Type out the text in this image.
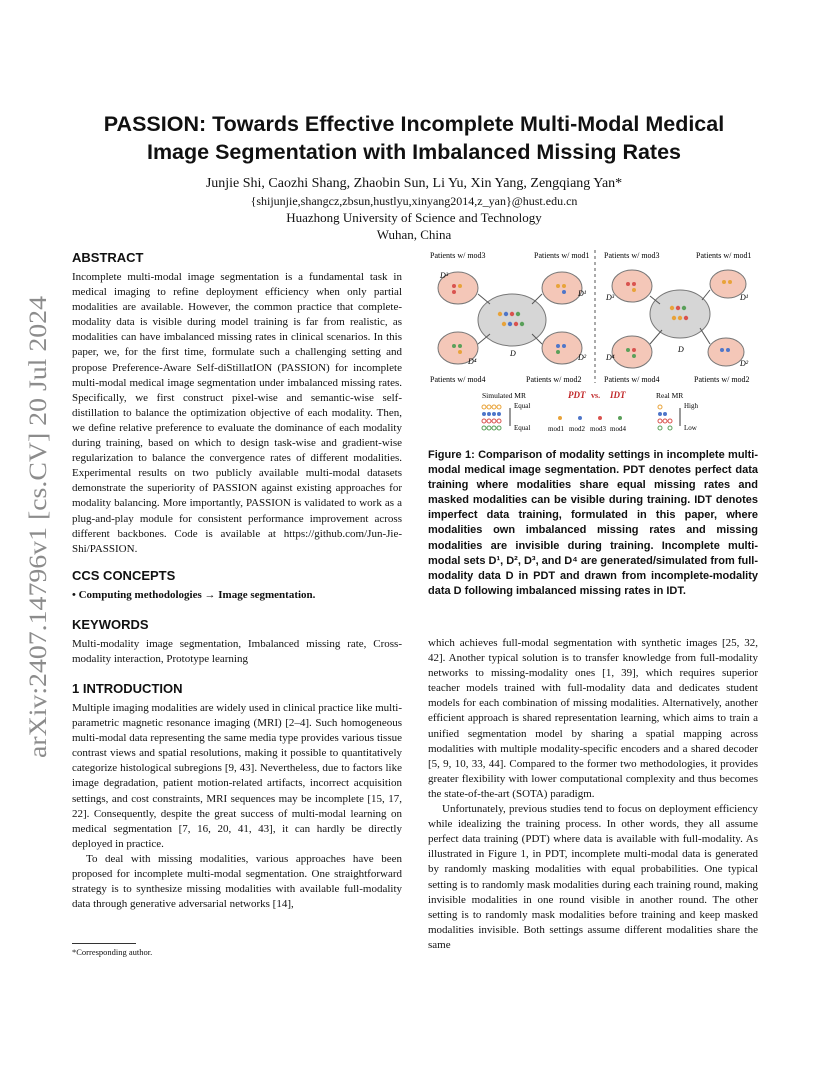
arXiv:2407.14796v1 [cs.CV] 20 Jul 2024
PASSION: Towards Effective Incomplete Multi-Modal Medical Image Segmentation with Imbalanced Missing Rates
Junjie Shi, Caozhi Shang, Zhaobin Sun, Li Yu, Xin Yang, Zengqiang Yan*
{shijunjie,shangcz,zbsun,hustlyu,xinyang2014,z_yan}@hust.edu.cn
Huazhong University of Science and Technology
Wuhan, China
ABSTRACT

Incomplete multi-modal image segmentation is a fundamental task in medical imaging to refine deployment efficiency when only partial modalities are available. However, the common practice that complete-modality data is visible during model training is far from realistic, as modalities can have imbalanced missing rates in clinical scenarios. In this paper, we, for the first time, formulate such a challenging setting and propose Preference-Aware Self-diStillatION (PASSION) for incomplete multi-modal medical image segmentation under imbalanced missing rates. Specifically, we first construct pixel-wise and semantic-wise self-distillation to balance the optimization objective of each modality. Then, we define relative preference to evaluate the dominance of each modality during training, based on which to design task-wise and gradient-wise regularization to balance the convergence rates of different modalities. Experimental results on two publicly available multi-modal datasets demonstrate the superiority of PASSION against existing approaches for modality balancing. More importantly, PASSION is validated to work as a plug-and-play module for consistent performance improvement across different backbones. Code is available at https://github.com/Jun-Jie-Shi/PASSION.

CCS CONCEPTS

• Computing methodologies → Image segmentation.

KEYWORDS

Multi-modality image segmentation, Imbalanced missing rate, Cross-modality interaction, Prototype learning

1 INTRODUCTION

Multiple imaging modalities are widely used in clinical practice like multi-parametric magnetic resonance imaging (MRI) [2–4]. Such homogeneous multi-modal data representing the same media type provides various tissue contrast views and spatial resolutions, making it possible to quantitatively categorize histological subregions [9, 43]. Nevertheless, due to factors like image degradation, patient motion-related artifacts, incorrect acquisition settings, and cost constraints, MRI sequences may be incomplete [15, 17, 22]. Consequently, despite the great success of multi-modal learning on medical segmentation [7, 16, 20, 41, 43], it can hardly be directly deployed in practice.

To deal with missing modalities, various approaches have been proposed for incomplete multi-modal segmentation. One straightforward strategy is to synthesize missing modalities with available full-modality data through generative adversarial networks [14],

Patients w/ mod3	Patients w/ mod1
Patients w/ mod4	Patients w/ mod2
Patients w/ mod3	Patients w/ mod1
Patients w/ mod4	Patients w/ mod2
D³
D¹
D⁴	D²
D
D³	D¹
D⁴
D²
D
Simulated MR	PDT vs. IDT	Real MR
Equal
Equal	mod1 mod2 mod3 mod4
High
Low
Figure 1: Comparison of modality settings in incomplete multi-modal medical image segmentation. PDT denotes perfect data training where modalities share equal missing rates and masked modalities can be visible during training. IDT denotes imperfect data training, formulated in this paper, where modalities own imbalanced missing rates and missing modalities are invisible during training. Incomplete multi-modal sets D¹, D², D³, and D⁴ are generated/simulated from full-modality data D in PDT and drawn from incomplete-modality data D following imbalanced missing rates in IDT.

which achieves full-modal segmentation with synthetic images [25, 32, 42]. Another typical solution is to transfer knowledge from full-modality networks to missing-modality ones [1, 39], which requires superior teacher models trained with full-modality data and dedicates student models for each combination of missing modalities. Alternatively, another efficient approach is shared representation learning, which aims to train a unified segmentation model by sharing a spatial mapping across modalities with multiple modality-specific encoders and a shared decoder [5, 9, 10, 33, 44]. Compared to the former two methodologies, it provides greater flexibility with lower computational complexity and thus becomes the state-of-the-art (SOTA) paradigm.

Unfortunately, previous studies tend to focus on deployment efficiency while idealizing the training process. In other words, they all assume perfect data training (PDT) where data is available with full-modality. As illustrated in Figure 1, in PDT, incomplete multi-modal data is generated by randomly masking modalities with equal probabilities. One typical setting is to randomly mask modalities during each training round, making invisible modalities in one round visible in another round. The other setting is to randomly mask modalities before training and keep masked modalities invisible. Both settings assume different modalities share the same

*Corresponding author.
